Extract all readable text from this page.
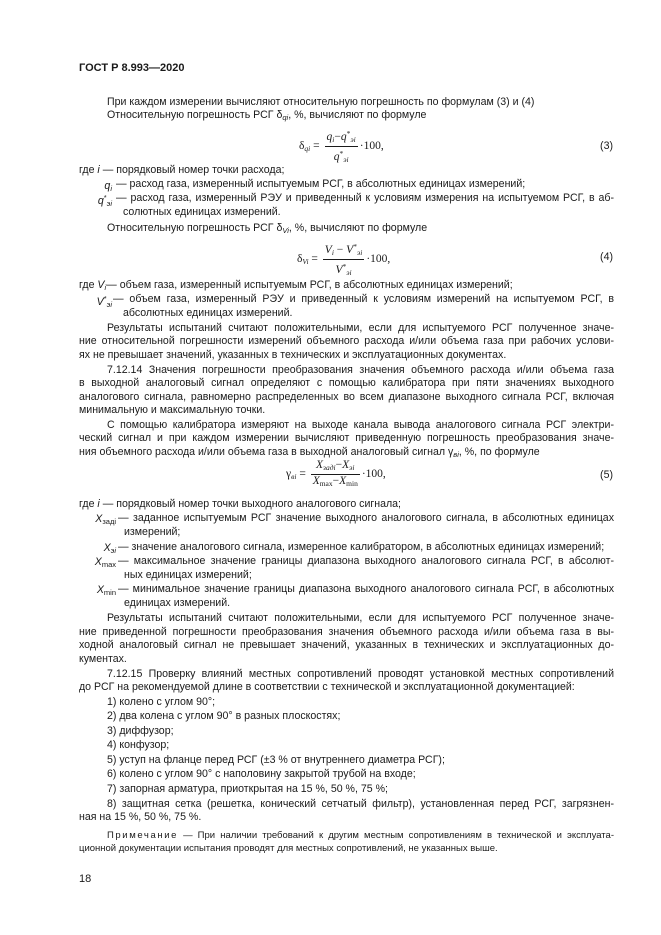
ГОСТ Р 8.993—2020
При каждом измерении вычисляют относительную погрешность по формулам (3) и (4)
Относительную погрешность РСГ $\delta_{qi}$, %, вычисляют по формуле
$\delta_{qi} = \frac{q_i-q^*_{эi}}{q^*_{эi}} \cdot 100$,	(3)
где i — порядковый номер точки расхода;
$q_i$ — расход газа, измеренный испытуемым РСГ, в абсолютных единицах измерений;
$q^*_{эi}$ — расход газа, измеренный РЭУ и приведенный к условиям измерения на испытуемом РСГ, в аб-
солютных единицах измерений.
Относительную погрешность РСГ $\delta_{Vi}$, %, вычисляют по формуле
$\delta_{Vi} = \frac{V_i - V^*_{эi}}{V^*_{эi}} \cdot 100$,	(4)
где $V_i—$ объем газа, измеренный испытуемым РСГ, в абсолютных единицах измерений;
$V^*_{эi}$ — объем газа, измеренный РЭУ и приведенный к условиям измерений на испытуемом РСГ, в
абсолютных единицах измерений.
Результаты испытаний считают положительными, если для испытуемого РСГ полученное значе-
ние относительной погрешности измерений объемного расхода и/или объема газа при рабочих услови-
ях не превышает значений, указанных в технических и эксплуатационных документах.
7.12.14 Значения погрешности преобразования значения объемного расхода и/или объема газа
в выходной аналоговый сигнал определяют с помощью калибратора при пяти значениях выходного
аналогового сигнала, равномерно распределенных во всем диапазоне выходного сигнала РСГ, включая
минимальную и максимальную точки.
С помощью калибратора измеряют на выходе канала вывода аналогового сигнала РСГ электри-
ческий сигнал и при каждом измерении вычисляют приведенную погрешность преобразования значе-
ния объемного расхода и/или объема газа в выходной аналоговый сигнал $\gamma_{вi}$, %, по формуле
$\gamma_{вi} = \frac{X_{задi}-X_{эi}}{X_{max}-X_{min}} \cdot 100$,	(5)
где i — порядковый номер точки выходного аналогового сигнала;
$X_{задi}$ — заданное испытуемым РСГ значение выходного аналогового сигнала, в абсолютных единицах
измерений;
$X_{эi}$ — значение аналогового сигнала, измеренное калибратором, в абсолютных единицах измерений;
$X_{max}$ — максимальное значение границы диапазона выходного аналогового сигнала РСГ, в абсолют-
ных единицах измерений;
$X_{min}$ — минимальное значение границы диапазона выходного аналогового сигнала РСГ, в абсолютных
единицах измерений.
Результаты испытаний считают положительными, если для испытуемого РСГ полученное значе-
ние приведенной погрешности преобразования значения объемного расхода и/или объема газа в вы-
ходной аналоговый сигнал не превышает значений, указанных в технических и эксплуатационных до-
кументах.
7.12.15 Проверку влияний местных сопротивлений проводят установкой местных сопротивлений
до РСГ на рекомендуемой длине в соответствии с технической и эксплуатационной документацией:
1) колено с углом 90°;
2) два колена с углом 90° в разных плоскостях;
3) диффузор;
4) конфузор;
5) уступ на фланце перед РСГ (±3 % от внутреннего диаметра РСГ);
6) колено с углом 90° с наполовину закрытой трубой на входе;
7) запорная арматура, приоткрытая на 15 %, 50 %, 75 %;
8) защитная сетка (решетка, конический сетчатый фильтр), установленная перед РСГ, загрязнен-
ная на 15 %, 50 %, 75 %.
Примечание — При наличии требований к другим местным сопротивлениям в технической и эксплуата-
ционной документации испытания проводят для местных сопротивлений, не указанных выше.
18
